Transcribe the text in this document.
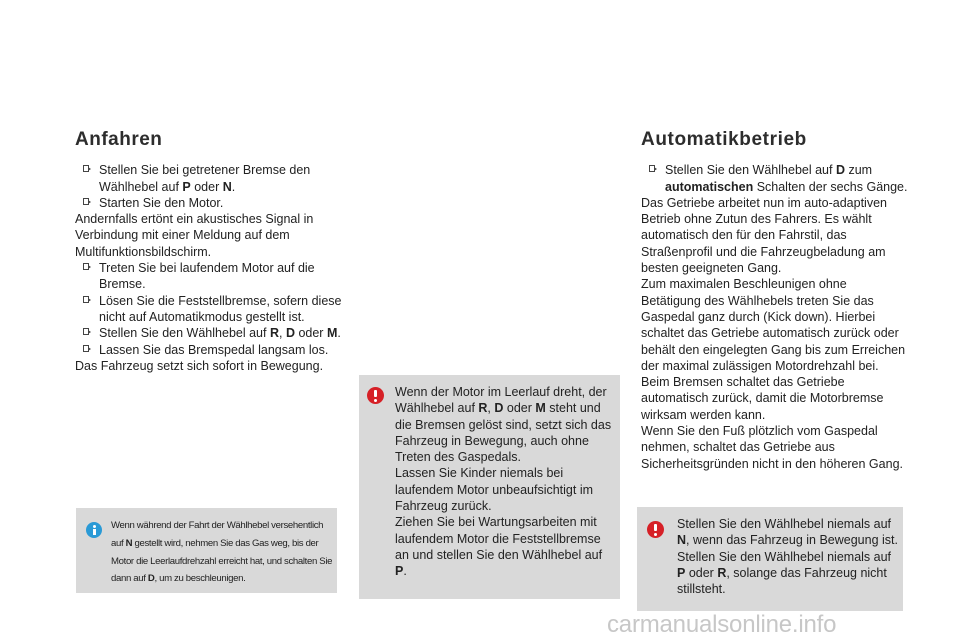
Anfahren

Stellen Sie bei getretener Bremse den Wählhebel auf P oder N.

Starten Sie den Motor.

Andernfalls ertönt ein akustisches Signal in Verbindung mit einer Meldung auf dem Multifunktionsbildschirm.

Treten Sie bei laufendem Motor auf die Bremse.

Lösen Sie die Feststellbremse, sofern diese nicht auf Automatikmodus gestellt ist.

Stellen Sie den Wählhebel auf R, D oder M.

Lassen Sie das Bremspedal langsam los.

Das Fahrzeug setzt sich sofort in Bewegung.

Wenn während der Fahrt der Wählhebel versehentlich auf N gestellt wird, nehmen Sie das Gas weg, bis der Motor die Leerlaufdrehzahl erreicht hat, und schalten Sie dann auf D, um zu beschleunigen.

Wenn der Motor im Leerlauf dreht, der Wählhebel auf R, D oder M steht und die Bremsen gelöst sind, setzt sich das Fahrzeug in Bewegung, auch ohne Treten des Gaspedals.

Lassen Sie Kinder niemals bei laufendem Motor unbeaufsichtigt im Fahrzeug zurück.

Ziehen Sie bei Wartungsarbeiten mit laufendem Motor die Feststellbremse an und stellen Sie den Wählhebel auf P.

Automatikbetrieb

Stellen Sie den Wählhebel auf D zum automatischen Schalten der sechs Gänge.

Das Getriebe arbeitet nun im auto-adaptiven Betrieb ohne Zutun des Fahrers. Es wählt automatisch den für den Fahrstil, das Straßenprofil und die Fahrzeugbeladung am besten geeigneten Gang.

Zum maximalen Beschleunigen ohne Betätigung des Wählhebels treten Sie das Gaspedal ganz durch (Kick down). Hierbei schaltet das Getriebe automatisch zurück oder behält den eingelegten Gang bis zum Erreichen der maximal zulässigen Motordrehzahl bei.

Beim Bremsen schaltet das Getriebe automatisch zurück, damit die Motorbremse wirksam werden kann.

Wenn Sie den Fuß plötzlich vom Gaspedal nehmen, schaltet das Getriebe aus Sicherheitsgründen nicht in den höheren Gang.

Stellen Sie den Wählhebel niemals auf N, wenn das Fahrzeug in Bewegung ist.

Stellen Sie den Wählhebel niemals auf P oder R, solange das Fahrzeug nicht stillsteht.

carmanualsonline.info
